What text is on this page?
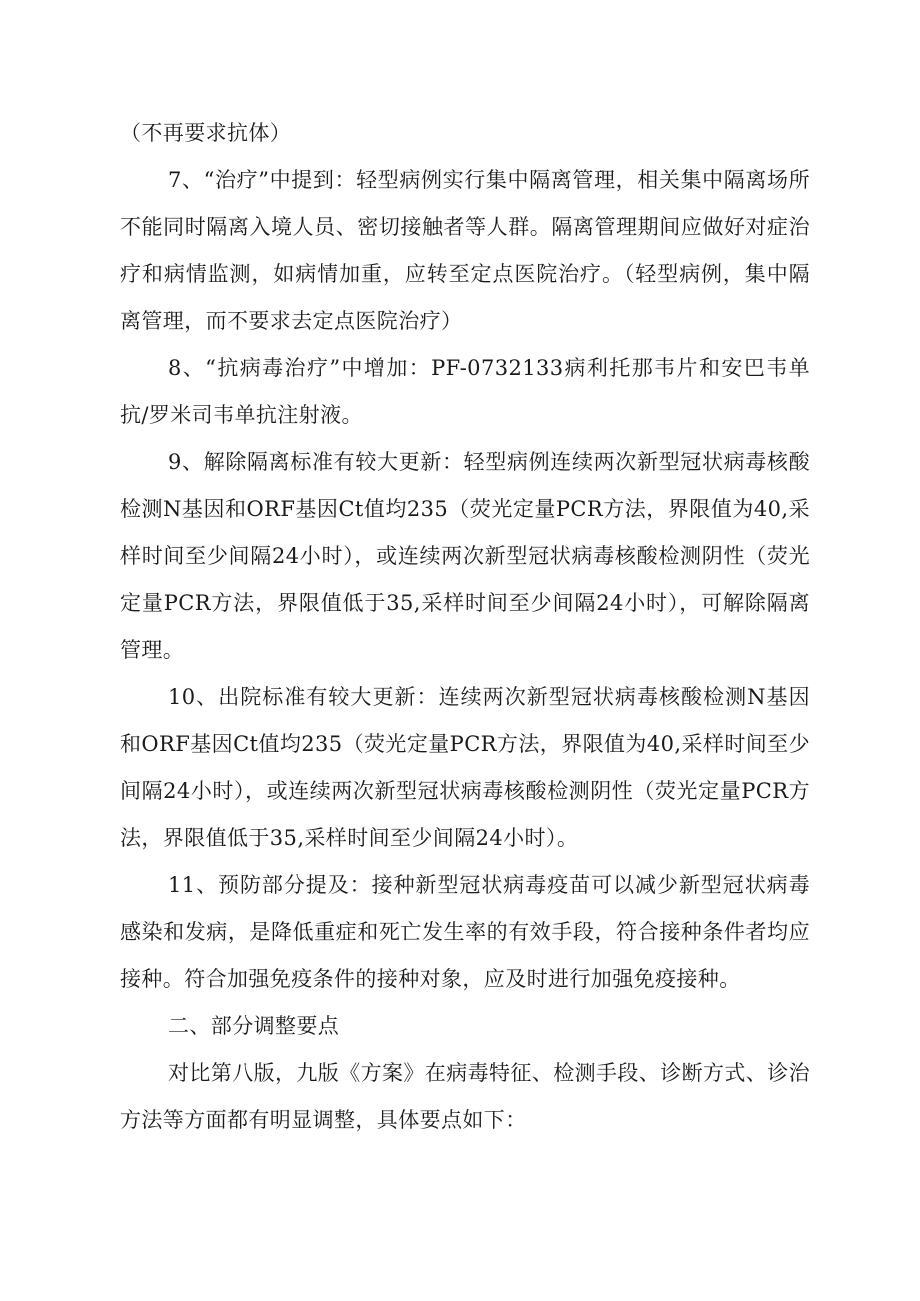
（不再要求抗体）

7、“治疗”中提到：轻型病例实行集中隔离管理，相关集中隔离场所不能同时隔离入境人员、密切接触者等人群。隔离管理期间应做好对症治疗和病情监测，如病情加重，应转至定点医院治疗。（轻型病例，集中隔离管理，而不要求去定点医院治疗）

8、“抗病毒治疗”中增加：PF-0732133病利托那韦片和安巴韦单抗/罗米司韦单抗注射液。

9、解除隔离标准有较大更新：轻型病例连续两次新型冠状病毒核酸检测N基因和ORF基因Ct值均235（荧光定量PCR方法，界限值为40,采样时间至少间隔24小时），或连续两次新型冠状病毒核酸检测阴性（荧光定量PCR方法，界限值低于35,采样时间至少间隔24小时），可解除隔离管理。

10、出院标准有较大更新：连续两次新型冠状病毒核酸检测N基因和ORF基因Ct值均235（荧光定量PCR方法，界限值为40,采样时间至少间隔24小时），或连续两次新型冠状病毒核酸检测阴性（荧光定量PCR方法，界限值低于35,采样时间至少间隔24小时）。

11、预防部分提及：接种新型冠状病毒疫苗可以减少新型冠状病毒感染和发病，是降低重症和死亡发生率的有效手段，符合接种条件者均应接种。符合加强免疫条件的接种对象，应及时进行加强免疫接种。

二、部分调整要点

对比第八版，九版《方案》在病毒特征、检测手段、诊断方式、诊治方法等方面都有明显调整，具体要点如下：
